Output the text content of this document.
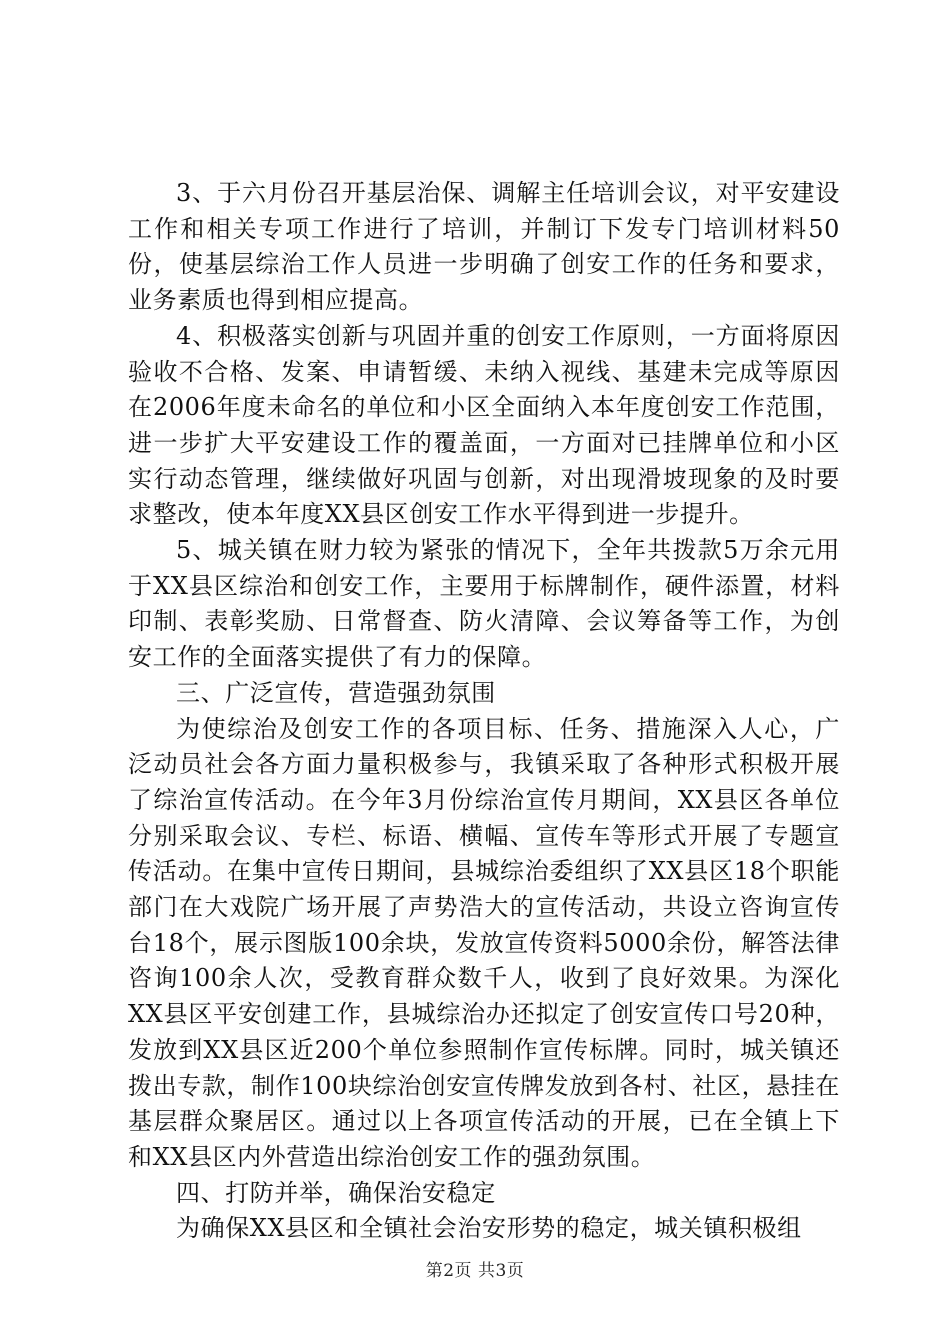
3、于六月份召开基层治保、调解主任培训会议，对平安建设工作和相关专项工作进行了培训，并制订下发专门培训材料50份，使基层综治工作人员进一步明确了创安工作的任务和要求，业务素质也得到相应提高。

4、积极落实创新与巩固并重的创安工作原则，一方面将原因验收不合格、发案、申请暂缓、未纳入视线、基建未完成等原因在2006年度未命名的单位和小区全面纳入本年度创安工作范围，进一步扩大平安建设工作的覆盖面，一方面对已挂牌单位和小区实行动态管理，继续做好巩固与创新，对出现滑坡现象的及时要求整改，使本年度XX县区创安工作水平得到进一步提升。

5、城关镇在财力较为紧张的情况下，全年共拨款5万余元用于XX县区综治和创安工作，主要用于标牌制作，硬件添置，材料印制、表彰奖励、日常督查、防火清障、会议筹备等工作，为创安工作的全面落实提供了有力的保障。

三、广泛宣传，营造强劲氛围

为使综治及创安工作的各项目标、任务、措施深入人心，广泛动员社会各方面力量积极参与，我镇采取了各种形式积极开展了综治宣传活动。在今年3月份综治宣传月期间，XX县区各单位分别采取会议、专栏、标语、横幅、宣传车等形式开展了专题宣传活动。在集中宣传日期间，县城综治委组织了XX县区18个职能部门在大戏院广场开展了声势浩大的宣传活动，共设立咨询宣传台18个，展示图版100余块，发放宣传资料5000余份，解答法律咨询100余人次，受教育群众数千人，收到了良好效果。为深化XX县区平安创建工作，县城综治办还拟定了创安宣传口号20种，发放到XX县区近200个单位参照制作宣传标牌。同时，城关镇还拨出专款，制作100块综治创安宣传牌发放到各村、社区，悬挂在基层群众聚居区。通过以上各项宣传活动的开展，已在全镇上下和XX县区内外营造出综治创安工作的强劲氛围。

四、打防并举，确保治安稳定

为确保XX县区和全镇社会治安形势的稳定，城关镇积极组

第2页 共3页
